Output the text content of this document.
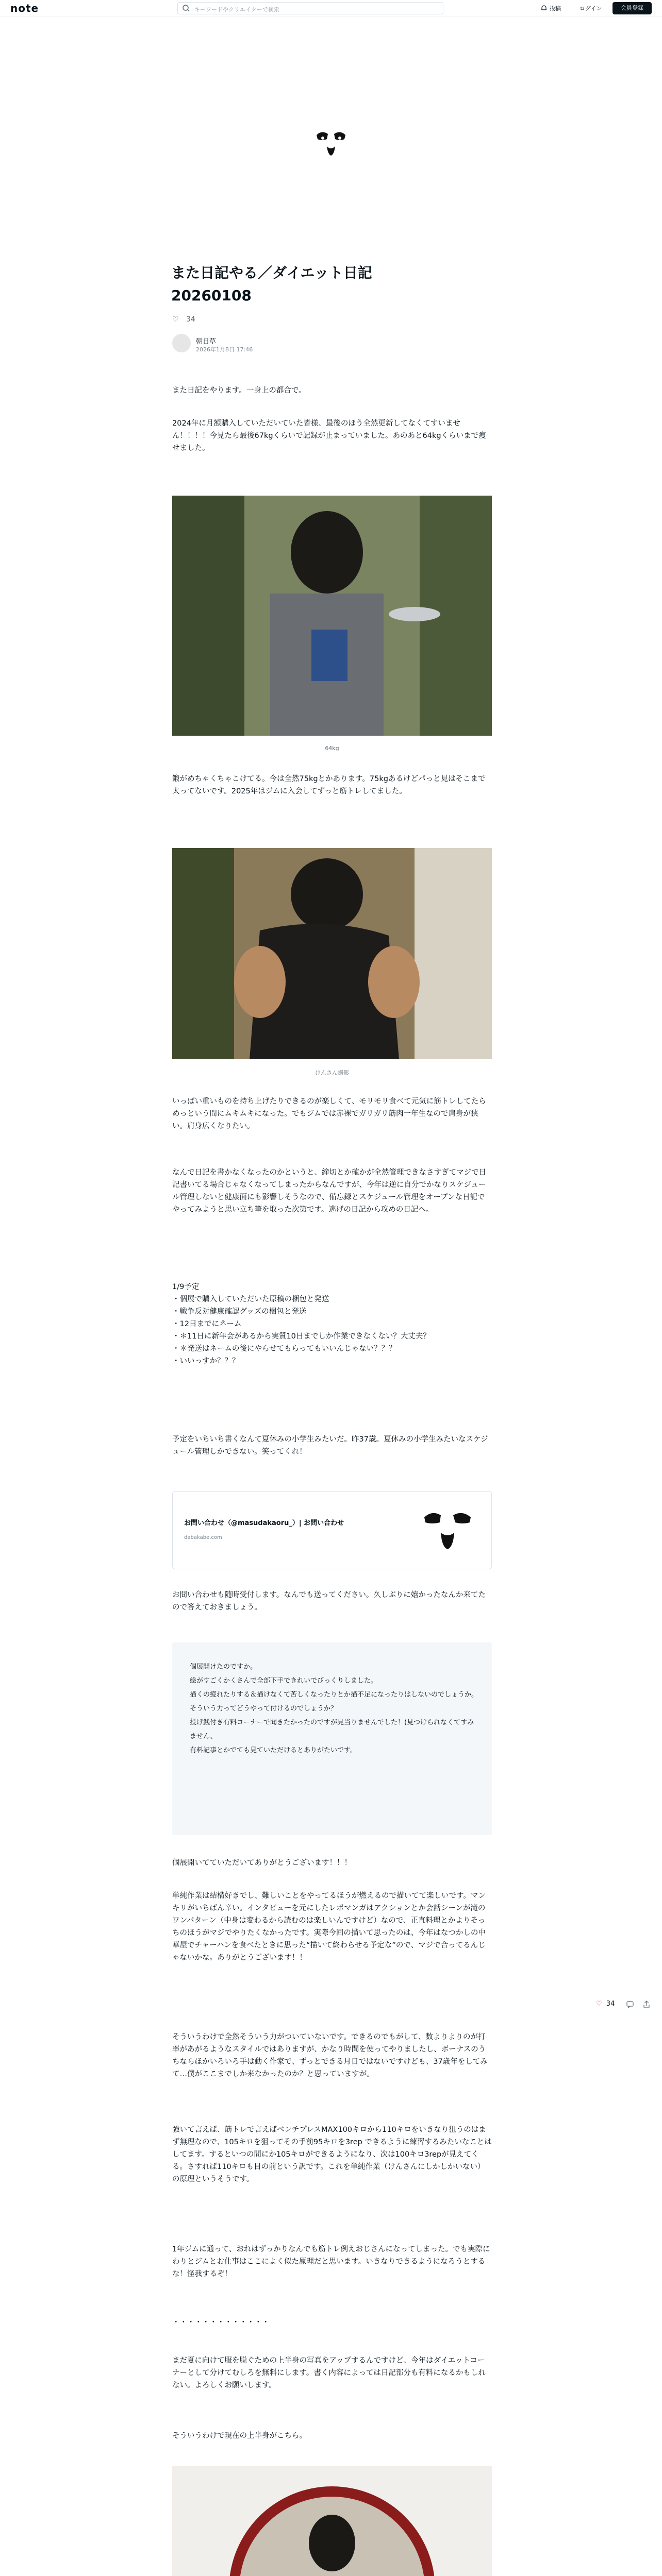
note	キーワードやクリエイターで検索	投稿	ログイン	会員登録
また日記やる／ダイエット日記
20260108
♡ 34
朝日草
2026年1月8日 17:46
また日記をやります。一身上の都合で。
2024年に月額購入していただいていた皆様、最後のほう全然更新してなくてすいません！！！！今見たら最後67kgくらいで記録が止まっていました。あのあと64kgくらいまで痩せました。
64kg
鍛がめちゃくちゃこけてる。今は全然75kgとかあります。75kgあるけどパっと見はそこまで太ってないです。2025年はジムに入会してずっと筋トレしてました。
けんさん撮影
いっぱい重いものを持ち上げたりできるのが楽しくて、モリモリ食べて元気に筋トレしてたらめっという間にムキムキになった。でもジムでは赤裸でガリガリ筋肉一年生なので肩身が狭い。肩身広くなりたい。
なんで日記を書かなくなったのかというと、締切とか確かが全然管理できなさすぎてマジで日記書いてる場合じゃなくなってしまったからなんですが、今年は逆に自分でかなりスケジュール管理しないと健康面にも影響しそうなので、備忘録とスケジュール管理をオープンな日記でやってみようと思い立ち筆を取った次第です。逃げの日記から攻めの日記へ。
1/9予定
・個展で購入していただいた原稿の梱包と発送
・戦争反対健康確認グッズの梱包と発送
・12日までにネーム
・＊11日に新年会があるから実質10日までしか作業できなくない？大丈夫？
・＊発送はネームの後にやらせてもらってもいいんじゃない？？？
・いいっすか？？？
予定をいちいち書くなんて夏休みの小学生みたいだ。昨37歳。夏休みの小学生みたいなスケジュール管理しかできない。笑ってくれ！
お問い合わせ（@masudakaoru_）| お問い合わせ
dabakabe.com
お問い合わせも随時受付します。なんでも送ってください。久しぶりに嬉かったなんか来てたので答えておきましょう。
個展開けたのですか。
絵がすごくかくさんで全部下手できれいでびっくりしました。
描くの疲れたりする＆描けなくて苦しくなったりとか描不足になったりはしないのでしょうか。
そういう力ってどうやって付けるのでしょうか？
投げ銭付き有料コーナーで聞きたかったのですが見当りませんでした！(見つけられなくてすみません、
有料記事とかでても見ていただけるとありがたいです。
個展開いてていただいてありがとうございます！！！
単純作業は結構好きでし、難しいことをやってるほうが燃えるので描いてて楽しいです。マンキリがいちばん辛い。インタビューを元にしたレポマンガはアクションとか会話シーンが滝のワンパターン（中身は変わるから読むのは楽しいんですけど）なので、正直料理とかよりそっちのほうがマジでやりたくなかったです。実際今回の描いて思ったのは、今年はなつかしの中華屋でチャーハンを食べたときに思った“描いて終わらせる予定な”ので、マジで合ってるんじゃないかな。ありがとうございます！！
そういうわけで全然そういう力がついていないです。できるのでもがして、数よりよりのが打率があがるようなスタイルではありますが、かなり時間を使ってやりましたし、ボーナスのうちならほかいろいろ手は動く作家で、ずっとできる月日ではないですけども、37歳年をしてみて…僕がここまでしか来なかったのか？と思っていますが。
強いて言えば、筋トレで言えばベンチプレスMAX100キロから110キロをいきなり狙うのはまず無理なので、105キロを狙ってその手前95キロを3rep できるように練習するみたいなことはしてます。するといつの間にか105キロができるようになり、次は100キロ3repが見えてくる。さすれば110キロも目の前という訳です。これを単純作業（けんさんにしかしかいない）の原理というそうです。
1年ジムに通って、おれはずっかりなんでも筋トレ例えおじさんになってしまった。でも実際にわりとジムとお仕事はここによく似た原理だと思います。いきなりできるようになろうとするな！怪我するぞ！
・・・・・・・・・・・・・
まだ夏に向けて服を脱ぐための上半身の写真をアップするんですけど、今年はダイエットコーナーとして分けてむしろを無料にします。書く内容によっては日記部分も有料になるかもしれない。よろしくお願いします。
そういうわけで現在の上半身がこちら。
♡ 34
